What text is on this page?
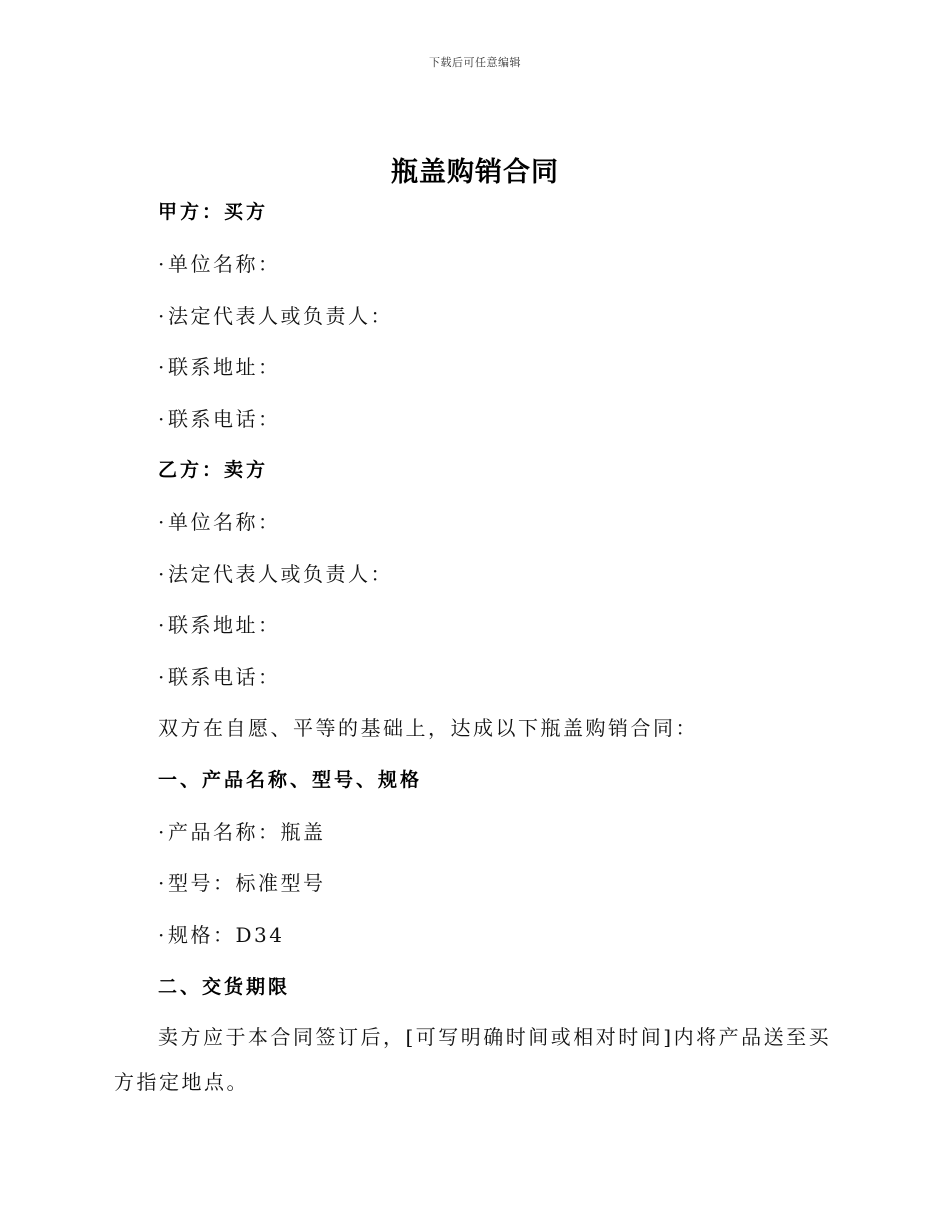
下载后可任意编辑
瓶盖购销合同
甲方：买方
· 单位名称：
· 法定代表人或负责人：
· 联系地址：
· 联系电话：
乙方：卖方
· 单位名称：
· 法定代表人或负责人：
· 联系地址：
· 联系电话：
双方在自愿、平等的基础上，达成以下瓶盖购销合同：
一、产品名称、型号、规格
· 产品名称：瓶盖
· 型号：标准型号
· 规格：D34
二、交货期限
卖方应于本合同签订后，[可写明确时间或相对时间]内将产品送至买方指定地点。
